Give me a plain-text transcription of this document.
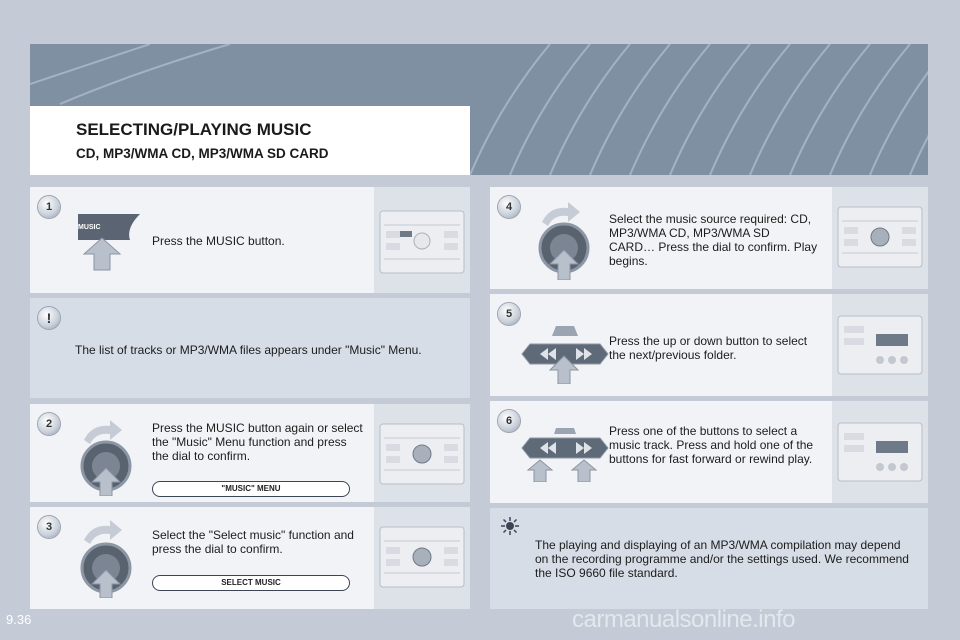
SELECTING/PLAYING MUSIC
CD, MP3/WMA CD, MP3/WMA SD CARD
1
MUSIC
Press the MUSIC button.
!
The list of tracks or MP3/WMA files appears under "Music" Menu.
2	Press the MUSIC button again or select the "Music" Menu function and press the dial to confirm.
"MUSIC" MENU
3
Select the "Select music" function and press the dial to confirm.
SELECT MUSIC
4
Select the music source required: CD, MP3/WMA CD, MP3/WMA SD CARD… Press the dial to confirm. Play begins.
5
Press the up or down button to select the next/previous folder.
6
Press one of the buttons to select a music track. Press and hold one of the buttons for fast forward or rewind play.
The playing and displaying of an MP3/WMA compilation may depend on the recording programme and/or the settings used. We recommend the ISO 9660 file standard.
9.36	carmanualsonline.info
